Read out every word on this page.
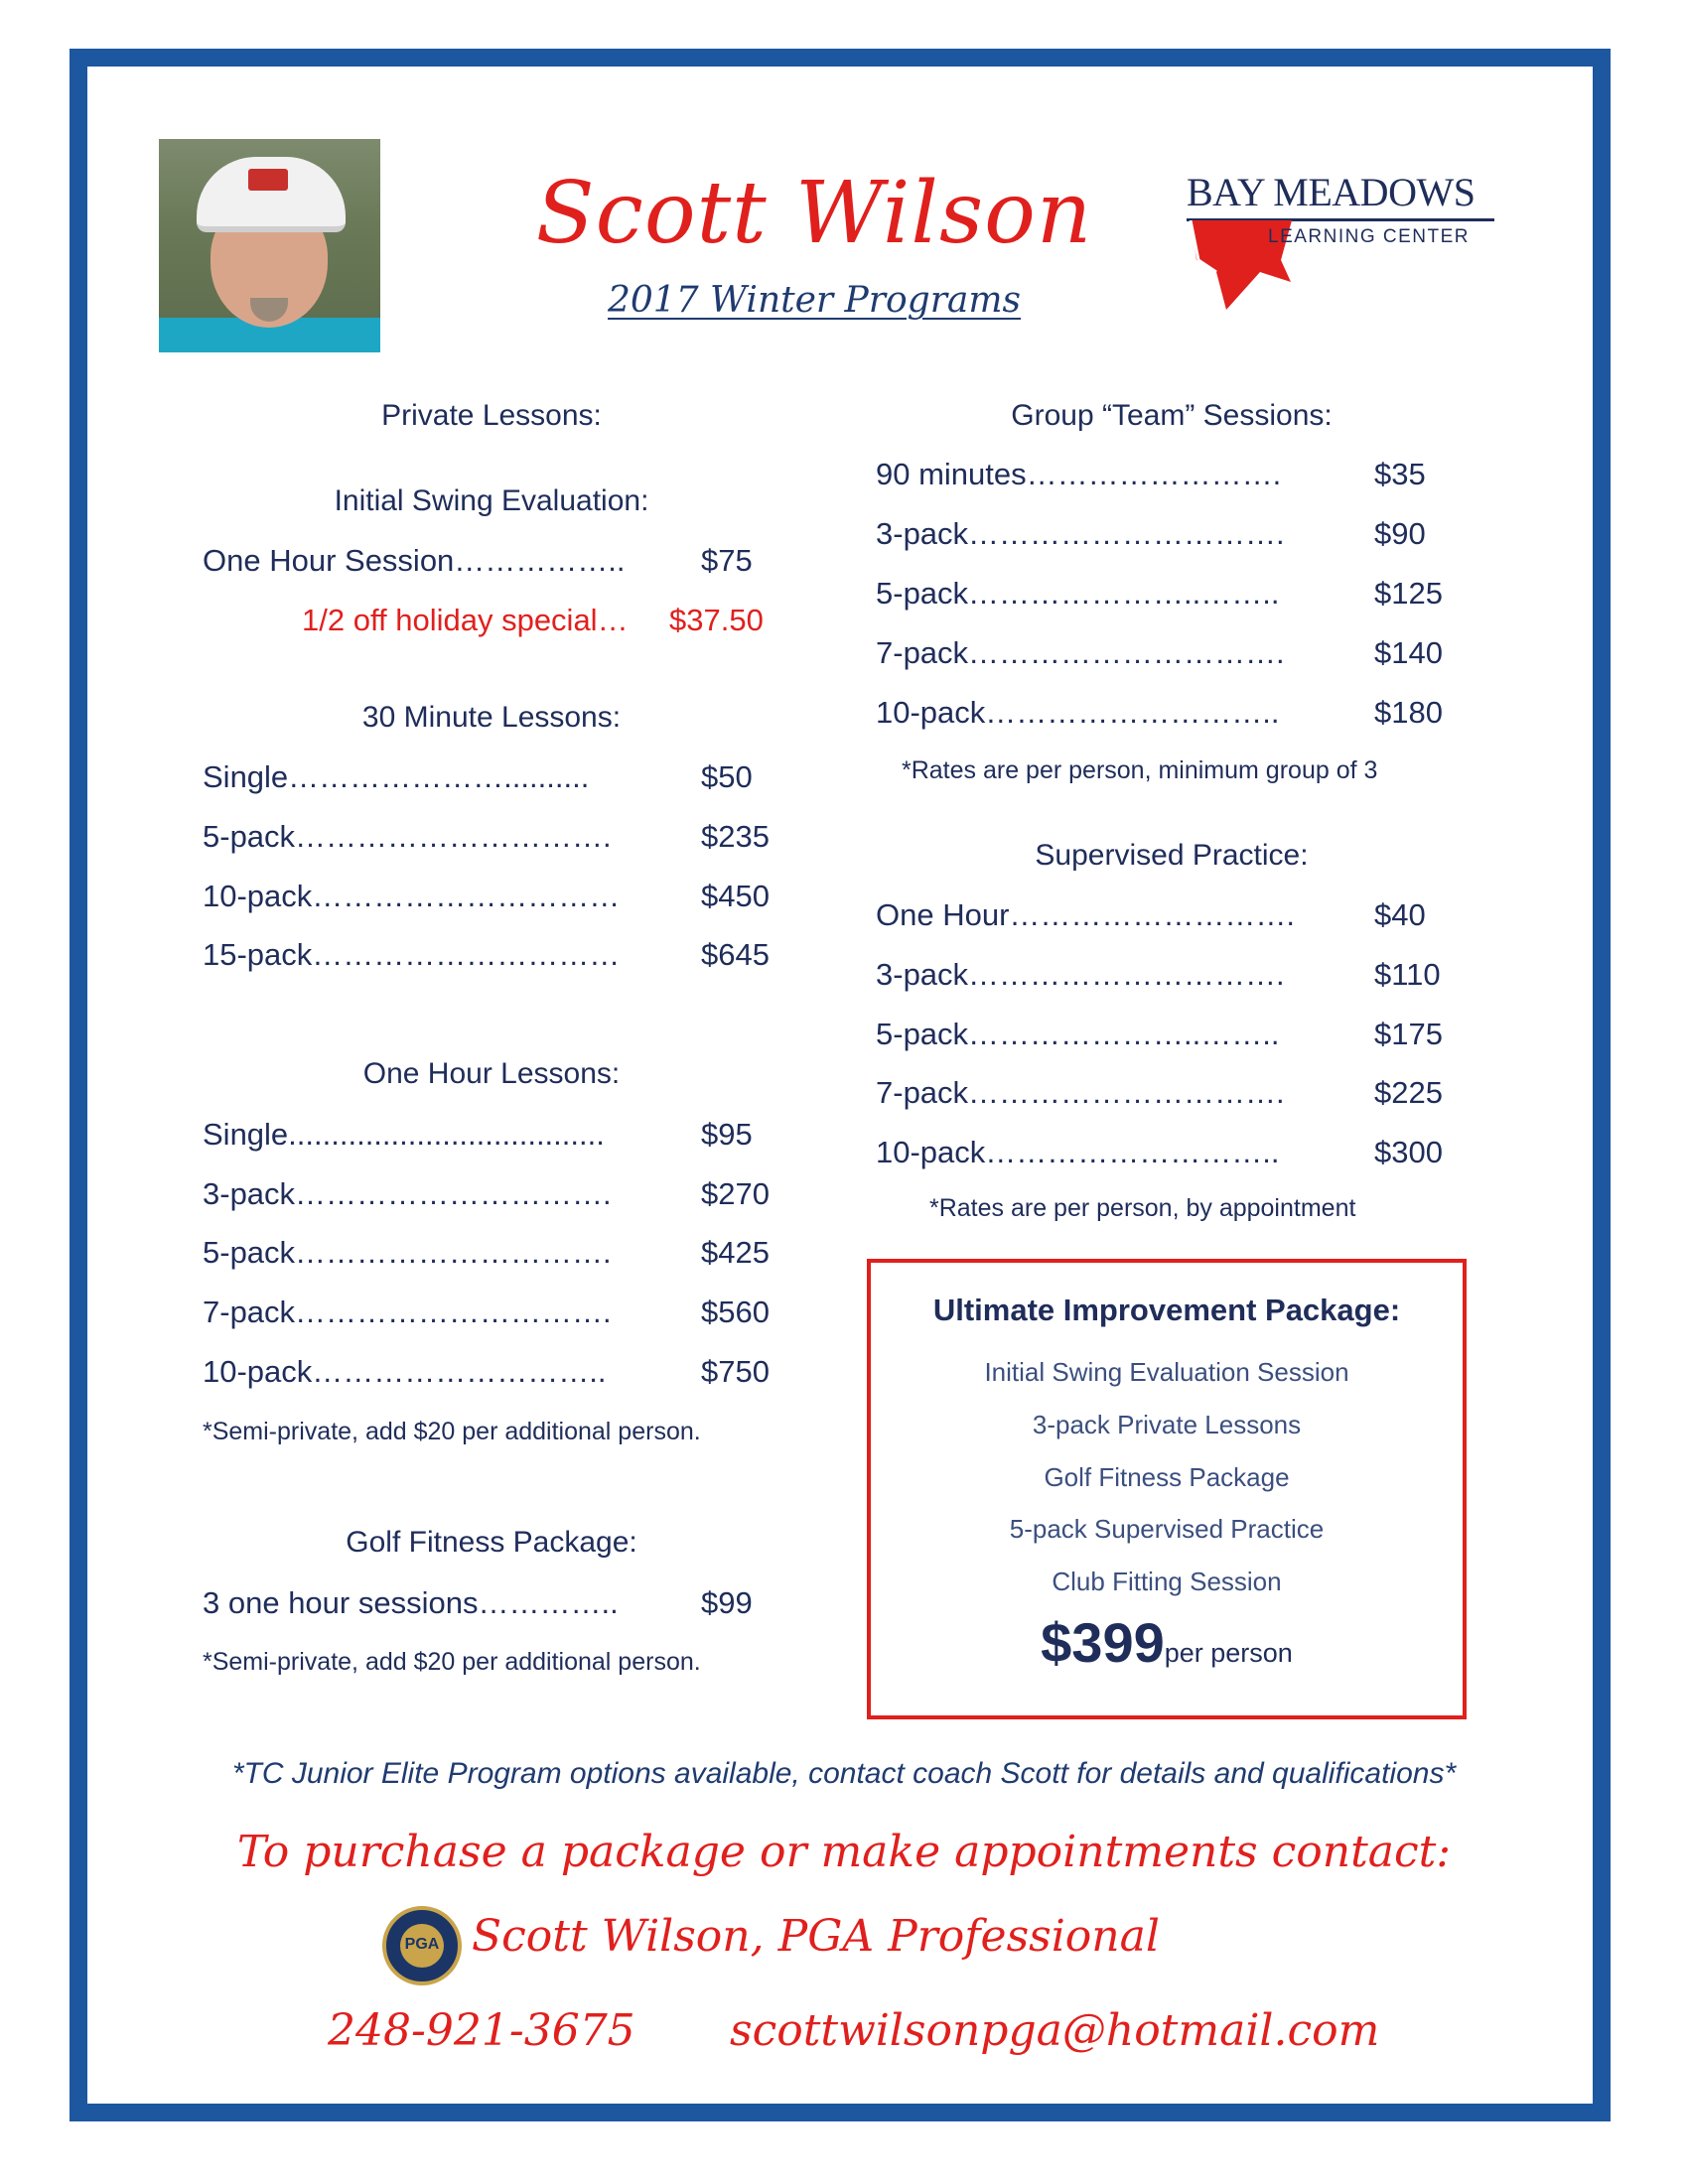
Scott Wilson
2017 Winter Programs
BAY MEADOWS
LEARNING CENTER
Private Lessons:
Initial Swing Evaluation:
One Hour Session…………….. $75
1/2 off holiday special… $37.50
30 Minute Lessons:
Single…………………..........	$50
5-pack………………………….	$235
10-pack…………………………	$450
15-pack…………………………	$645
One Hour Lessons:
Single.....................................	$95
3-pack………………………….	$270
5-pack………………………….	$425
7-pack………………………….	$560
10-pack………………………..	$750
*Semi-private, add $20 per additional person.
Golf Fitness Package:
3 one hour sessions…………..	$99
*Semi-private, add $20 per additional person.
Group “Team” Sessions:
90 minutes…………………….	$35
3-pack………………………….	$90
5-pack…………………..……..	$125
7-pack………………………….	$140
10-pack………………………..	$180
*Rates are per person, minimum group of 3
Supervised Practice:
One Hour……………………….	$40
3-pack………………………….	$110
5-pack…………………..……..	$175
7-pack………………………….	$225
10-pack………………………..	$300
*Rates are per person, by appointment
Ultimate Improvement Package:
Initial Swing Evaluation Session
3-pack Private Lessons
Golf Fitness Package
5-pack Supervised Practice
Club Fitting Session
$399per person
*TC Junior Elite Program options available, contact coach Scott for details and qualifications*
To purchase a package or make appointments contact:
PGA Scott Wilson, PGA Professional
248-921-3675 scottwilsonpga@hotmail.com
